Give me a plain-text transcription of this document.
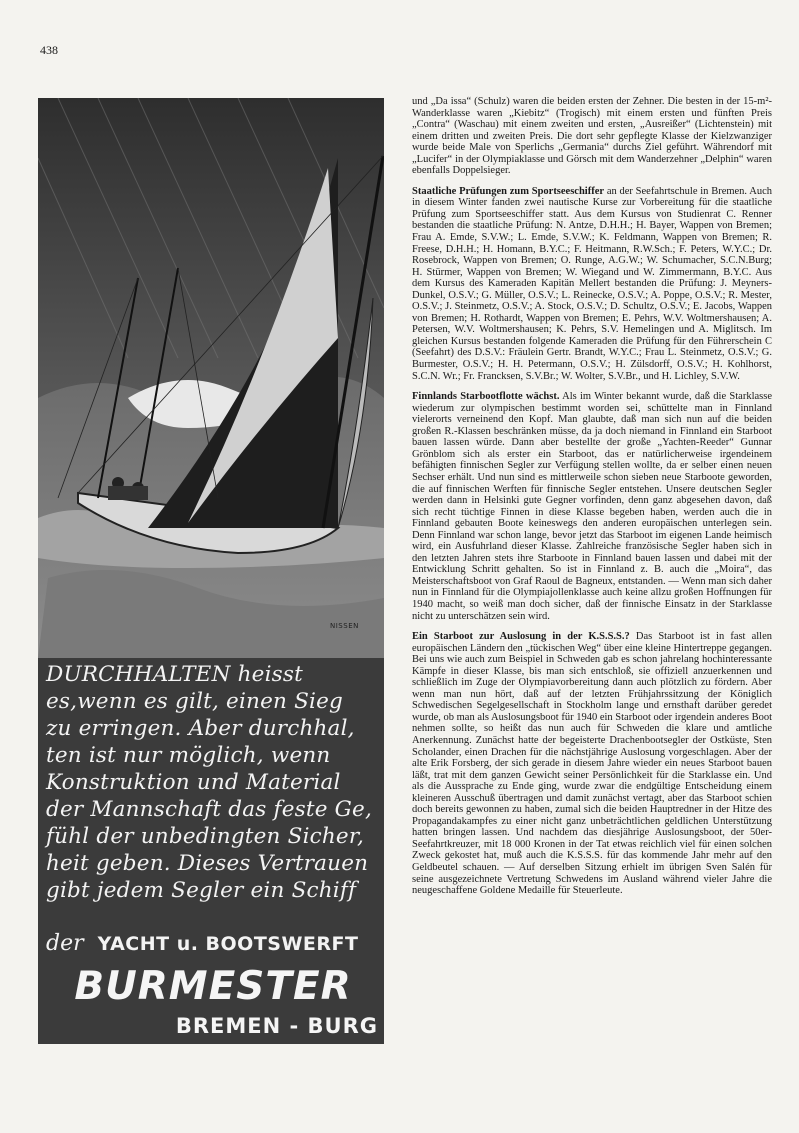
438
NISSEN
DURCHHALTEN heisst
es,wenn es gilt, einen Sieg
zu erringen. Aber durchhal,
ten ist nur möglich, wenn
Konstruktion und Material
der Mannschaft das feste Ge,
fühl der unbedingten Sicher,
heit geben. Dieses Vertrauen
gibt jedem Segler ein Schiff
der YACHT u. BOOTSWERFT
BURMESTER
BREMEN - BURG

und „Da issa“ (Schulz) waren die beiden ersten der Zehner. Die besten in der 15-m²-Wanderklasse waren „Kiebitz“ (Trogisch) mit einem ersten und fünften Preis „Contra“ (Waschau) mit einem zweiten und ersten, „Ausreißer“ (Lichtenstein) mit einem dritten und zweiten Preis. Die dort sehr gepflegte Klasse der Kielzwanziger wurde beide Male von Sperlichs „Germania“ durchs Ziel geführt. Währendorf mit „Lucifer“ in der Olympiaklasse und Görsch mit dem Wanderzehner „Delphin“ waren ebenfalls Doppelsieger.

Staatliche Prüfungen zum Sportseeschiffer an der Seefahrtschule in Bremen. Auch in diesem Winter fanden zwei nautische Kurse zur Vorbereitung für die staatliche Prüfung zum Sportseeschiffer statt. Aus dem Kursus von Studienrat C. Renner bestanden die staatliche Prüfung: N. Antze, D.H.H.; H. Bayer, Wappen von Bremen; Frau A. Emde, S.V.W.; L. Emde, S.V.W.; K. Feldmann, Wappen von Bremen; R. Freese, D.H.H.; H. Homann, B.Y.C.; F. Heitmann, R.W.Sch.; F. Peters, W.Y.C.; Dr. Rosebrock, Wappen von Bremen; O. Runge, A.G.W.; W. Schumacher, S.C.N.Burg; H. Stürmer, Wappen von Bremen; W. Wiegand und W. Zimmermann, B.Y.C. Aus dem Kursus des Kameraden Kapitän Mellert bestanden die Prüfung: J. Meyners-Dunkel, O.S.V.; G. Müller, O.S.V.; L. Reinecke, O.S.V.; A. Poppe, O.S.V.; R. Mester, O.S.V.; J. Steinmetz, O.S.V.; A. Stock, O.S.V.; D. Schultz, O.S.V.; E. Jacobs, Wappen von Bremen; H. Rothardt, Wappen von Bremen; E. Pehrs, W.V. Woltmershausen; A. Petersen, W.V. Woltmershausen; K. Pehrs, S.V. Hemelingen und A. Miglitsch. Im gleichen Kursus bestanden folgende Kameraden die Prüfung für den Führerschein C (Seefahrt) des D.S.V.: Fräulein Gertr. Brandt, W.Y.C.; Frau L. Steinmetz, O.S.V.; G. Burmester, O.S.V.; H. H. Petermann, O.S.V.; H. Zülsdorff, O.S.V.; H. Kohlhorst, S.C.N. Wr.; Fr. Francksen, S.V.Br.; W. Wolter, S.V.Br., und H. Lichley, S.V.W.

Finnlands Starbootflotte wächst. Als im Winter bekannt wurde, daß die Starklasse wiederum zur olympischen bestimmt worden sei, schüttelte man in Finnland vielerorts verneinend den Kopf. Man glaubte, daß man sich nun auf die beiden großen R.-Klassen beschränken müsse, da ja doch niemand in Finnland ein Starboot bauen lassen würde. Dann aber bestellte der große „Yachten-Reeder“ Gunnar Grönblom sich als erster ein Starboot, das er natürlicherweise irgendeinem befähigten finnischen Segler zur Verfügung stellen wollte, da er selber einen neuen Sechser erhält. Und nun sind es mittlerweile schon sieben neue Starboote geworden, die auf finnischen Werften für finnische Segler entstehen. Unsere deutschen Segler werden dann in Helsinki gute Gegner vorfinden, denn ganz abgesehen davon, daß sich recht tüchtige Finnen in diese Klasse begeben haben, werden auch die in Finnland gebauten Boote keineswegs den anderen europäischen unterlegen sein. Denn Finnland war schon lange, bevor jetzt das Starboot im eigenen Lande heimisch wird, ein Ausfuhrland dieser Klasse. Zahlreiche französische Segler haben sich in den letzten Jahren stets ihre Starboote in Finnland bauen lassen und dabei mit der Entwicklung Schritt gehalten. So ist in Finnland z. B. auch die „Moira“, das Meisterschaftsboot von Graf Raoul de Bagneux, entstanden. — Wenn man sich daher nun in Finnland für die Olympiajollenklasse auch keine allzu großen Hoffnungen für 1940 macht, so weiß man doch sicher, daß der finnische Einsatz in der Starklasse nicht zu unterschätzen sein wird.

Ein Starboot zur Auslosung in der K.S.S.S.? Das Starboot ist in fast allen europäischen Ländern den „tückischen Weg“ über eine kleine Hintertreppe gegangen. Bei uns wie auch zum Beispiel in Schweden gab es schon jahrelang hochinteressante Kämpfe in dieser Klasse, bis man sich entschloß, sie offiziell anzuerkennen und schließlich im Zuge der Olympiavorbereitung dann auch plötzlich zu fördern. Aber wenn man nun hört, daß auf der letzten Frühjahrssitzung der Königlich Schwedischen Segelgesellschaft in Stockholm lange und ernsthaft darüber geredet wurde, ob man als Auslosungsboot für 1940 ein Starboot oder irgendein anderes Boot nehmen sollte, so heißt das nun auch für Schweden die klare und amtliche Anerkennung. Zunächst hatte der begeisterte Drachenbootsegler der Ostküste, Sten Scholander, einen Drachen für die nächstjährige Auslosung vorgeschlagen. Aber der alte Erik Forsberg, der sich gerade in diesem Jahre wieder ein neues Starboot bauen läßt, trat mit dem ganzen Gewicht seiner Persönlichkeit für die Starklasse ein. Und als die Aussprache zu Ende ging, wurde zwar die endgültige Entscheidung einem kleineren Ausschuß übertragen und damit zunächst vertagt, aber das Starboot schien doch bereits gewonnen zu haben, zumal sich die beiden Hauptredner in der Hitze des Propagandakampfes zu einer nicht ganz unbeträchtlichen geldlichen Unterstützung hatten bringen lassen. Und nachdem das diesjährige Auslosungsboot, der 50er-Seefahrtkreuzer, mit 18 000 Kronen in der Tat etwas reichlich viel für einen solchen Zweck gekostet hat, muß auch die K.S.S.S. für das kommende Jahr mehr auf den Geldbeutel schauen. — Auf derselben Sitzung erhielt im übrigen Sven Salén für seine ausgezeichnete Vertretung Schwedens im Ausland während vieler Jahre die neugeschaffene Goldene Medaille für Steuerleute.
